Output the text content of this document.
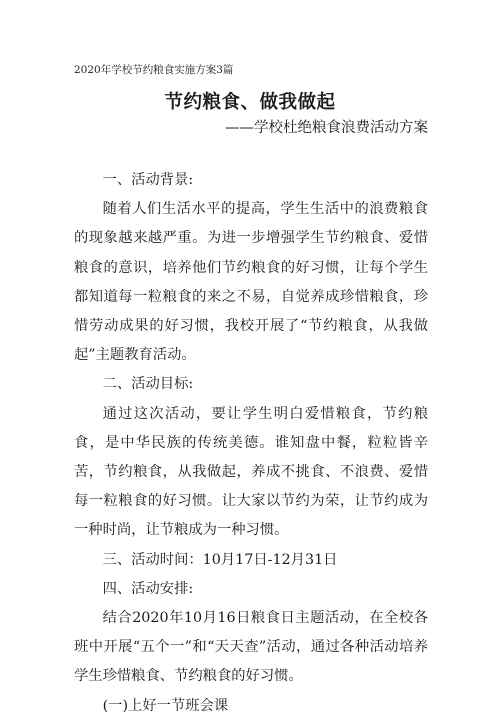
2020年学校节约粮食实施方案3篇
节约粮食、做我做起
——学校杜绝粮食浪费活动方案

一、活动背景:

随着人们生活水平的提高，学生生活中的浪费粮食的现象越来越严重。为进一步增强学生节约粮食、爱惜粮食的意识，培养他们节约粮食的好习惯，让每个学生都知道每一粒粮食的来之不易，自觉养成珍惜粮食，珍惜劳动成果的好习惯，我校开展了“节约粮食，从我做起”主题教育活动。

二、活动目标:

通过这次活动，要让学生明白爱惜粮食，节约粮食，是中华民族的传统美德。谁知盘中餐，粒粒皆辛苦，节约粮食，从我做起，养成不挑食、不浪费、爱惜每一粒粮食的好习惯。让大家以节约为荣，让节约成为一种时尚，让节粮成为一种习惯。

三、活动时间：10月17日-12月31日

四、活动安排:

结合2020年10月16日粮食日主题活动，在全校各班中开展“五个一”和“天天查”活动，通过各种活动培养学生珍惜粮食、节约粮食的好习惯。

(一)上好一节班会课
